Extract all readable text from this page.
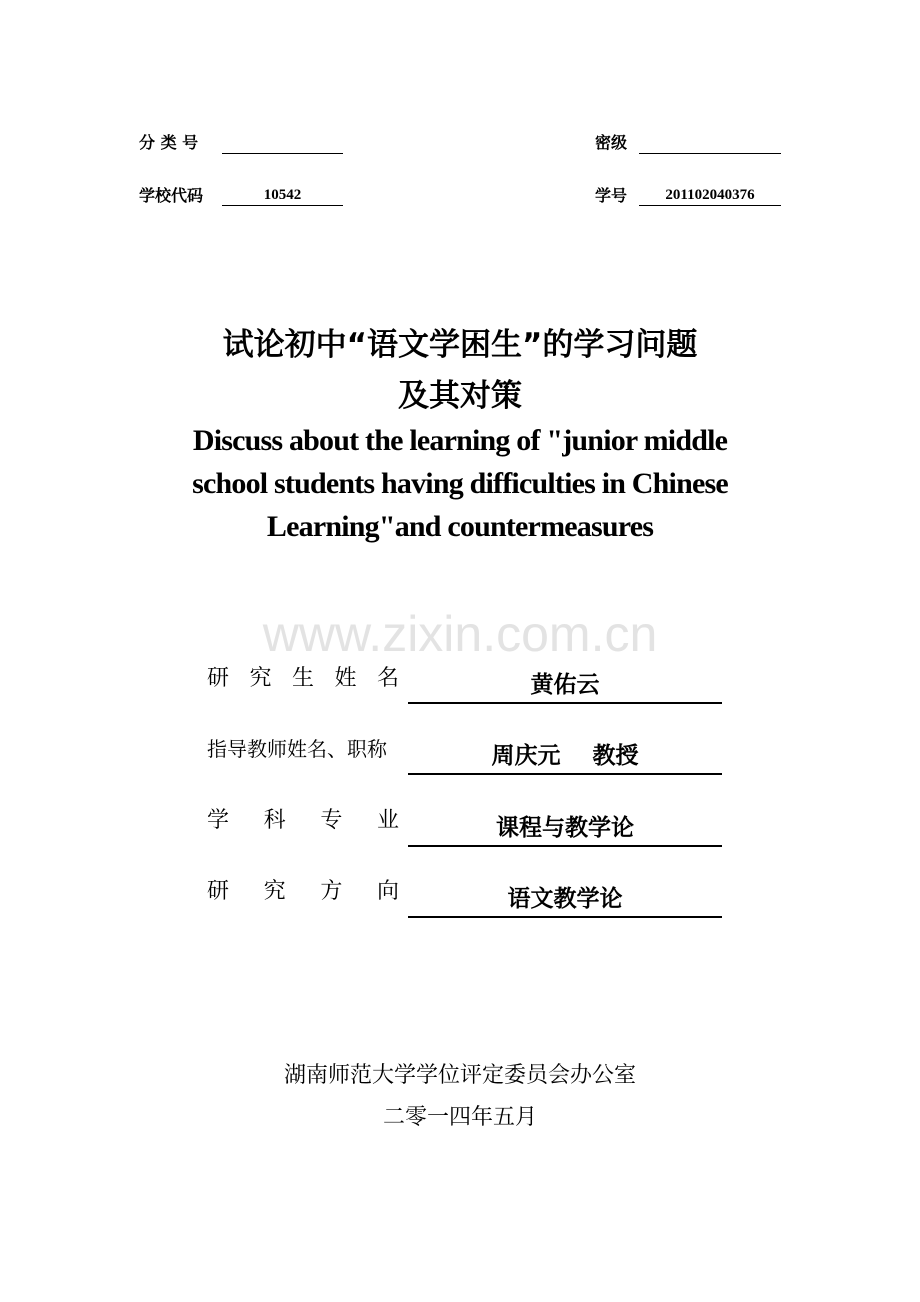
分 类 号	密级
学校代码	10542	学号	201102040376
试论初中“语文学困生”的学习问题
及其对策
Discuss about the learning of "junior middle
school students having difficulties in Chinese
Learning"and countermeasures
www.zixin.com.cn
研 究 生 姓 名	黄佑云
指导教师姓名、职称	周庆元    教授
学 科 专 业	课程与教学论
研 究 方 向	语文教学论
湖南师范大学学位评定委员会办公室
二零一四年五月
